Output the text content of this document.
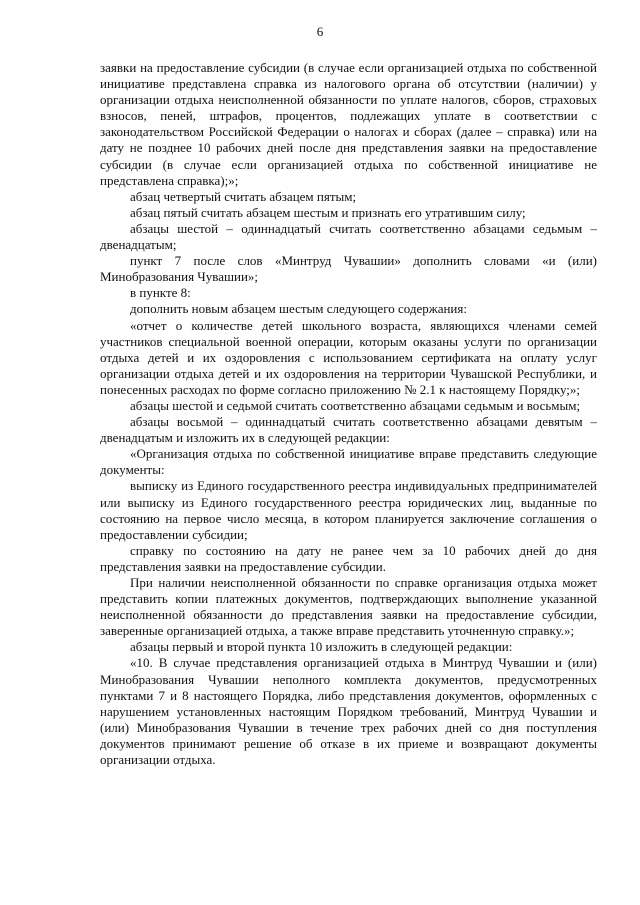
6

заявки на предоставление субсидии (в случае если организацией отдыха по собственной инициативе представлена справка из налогового органа об отсутствии (наличии) у организации отдыха неисполненной обязанности по уплате налогов, сборов, страховых взносов, пеней, штрафов, процентов, подлежащих уплате в соответствии с законодательством Российской Федерации о налогах и сборах (далее – справка) или на дату не позднее 10 рабочих дней после дня представления заявки на предоставление субсидии (в случае если организацией отдыха по собственной инициативе не представлена справка);»;

абзац четвертый считать абзацем пятым;

абзац пятый считать абзацем шестым и признать его утратившим силу;

абзацы шестой – одиннадцатый считать соответственно абзацами седьмым – двенадцатым;

пункт 7 после слов «Минтруд Чувашии» дополнить словами «и (или) Минобразования Чувашии»;

в пункте 8:

дополнить новым абзацем шестым следующего содержания:

«отчет о количестве детей школьного возраста, являющихся членами семей участников специальной военной операции, которым оказаны услуги по организации отдыха детей и их оздоровления с использованием сертификата на оплату услуг организации отдыха детей и их оздоровления на территории Чувашской Республики, и понесенных расходах по форме согласно приложению № 2.1 к настоящему Порядку;»;

абзацы шестой и седьмой считать соответственно абзацами седьмым и восьмым;

абзацы восьмой – одиннадцатый считать соответственно абзацами девятым – двенадцатым и изложить их в следующей редакции:

«Организация отдыха по собственной инициативе вправе представить следующие документы:

выписку из Единого государственного реестра индивидуальных предпринимателей или выписку из Единого государственного реестра юридических лиц, выданные по состоянию на первое число месяца, в котором планируется заключение соглашения о предоставлении субсидии;

справку по состоянию на дату не ранее чем за 10 рабочих дней до дня представления заявки на предоставление субсидии.

При наличии неисполненной обязанности по справке организация отдыха может представить копии платежных документов, подтверждающих выполнение указанной неисполненной обязанности до представления заявки на предоставление субсидии, заверенные организацией отдыха, а также вправе представить уточненную справку.»;

абзацы первый и второй пункта 10 изложить в следующей редакции:

«10. В случае представления организацией отдыха в Минтруд Чувашии и (или) Минобразования Чувашии неполного комплекта документов, предусмотренных пунктами 7 и 8 настоящего Порядка, либо представления документов, оформленных с нарушением установленных настоящим Порядком требований, Минтруд Чувашии и (или) Минобразования Чувашии в течение трех рабочих дней со дня поступления документов принимают решение об отказе в их приеме и возвращают документы организации отдыха.
